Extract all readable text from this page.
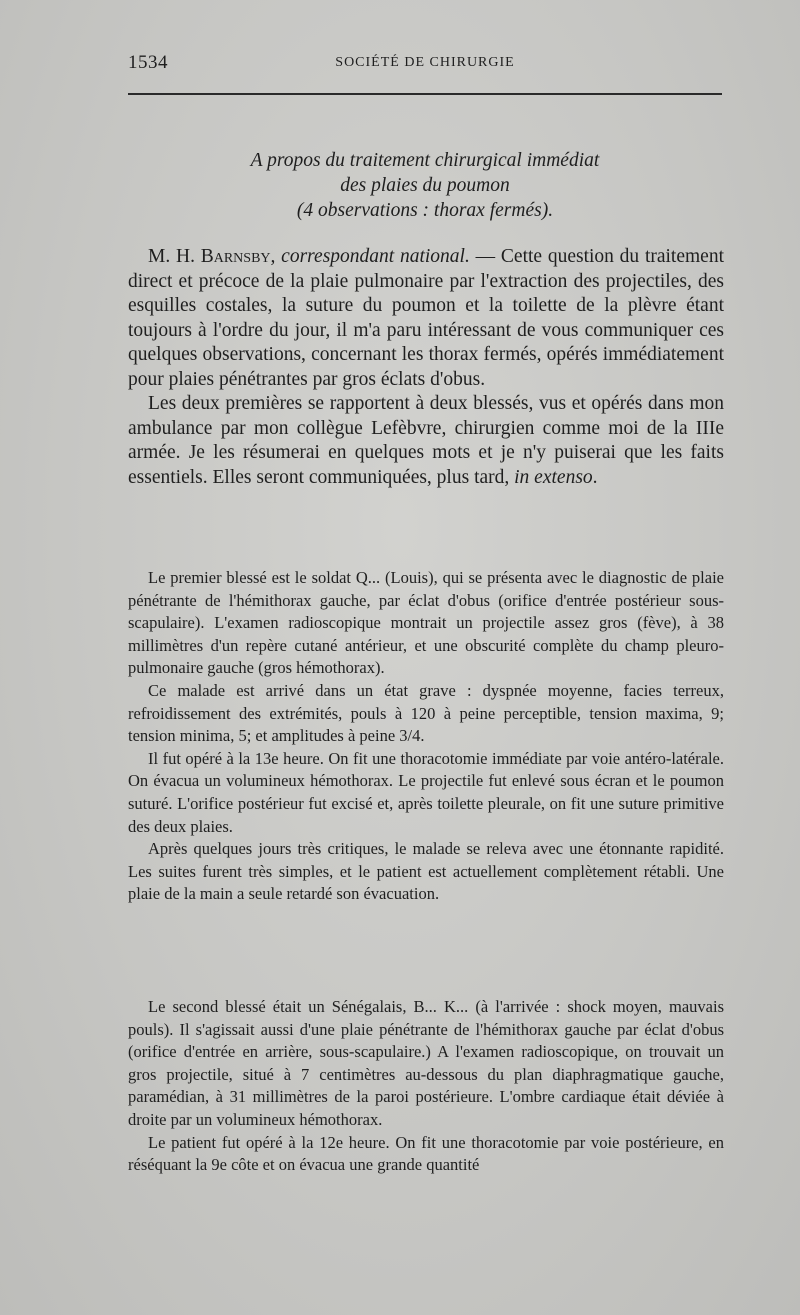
1534	SOCIÉTÉ DE CHIRURGIE
A propos du traitement chirurgical immédiat
des plaies du poumon
(4 observations : thorax fermés).

M. H. Barnsby, correspondant national. — Cette question du traitement direct et précoce de la plaie pulmonaire par l'extraction des projectiles, des esquilles costales, la suture du poumon et la toilette de la plèvre étant toujours à l'ordre du jour, il m'a paru intéressant de vous communiquer ces quelques observations, concernant les thorax fermés, opérés immédiatement pour plaies pénétrantes par gros éclats d'obus.

Les deux premières se rapportent à deux blessés, vus et opérés dans mon ambulance par mon collègue Lefèbvre, chirurgien comme moi de la IIIe armée. Je les résumerai en quelques mots et je n'y puiserai que les faits essentiels. Elles seront communiquées, plus tard, in extenso.

Le premier blessé est le soldat Q... (Louis), qui se présenta avec le diagnostic de plaie pénétrante de l'hémithorax gauche, par éclat d'obus (orifice d'entrée postérieur sous-scapulaire). L'examen radioscopique montrait un projectile assez gros (fève), à 38 millimètres d'un repère cutané antérieur, et une obscurité complète du champ pleuro-pulmonaire gauche (gros hémothorax).

Ce malade est arrivé dans un état grave : dyspnée moyenne, facies terreux, refroidissement des extrémités, pouls à 120 à peine perceptible, tension maxima, 9; tension minima, 5; et amplitudes à peine 3/4.

Il fut opéré à la 13e heure. On fit une thoracotomie immédiate par voie antéro-latérale. On évacua un volumineux hémothorax. Le projectile fut enlevé sous écran et le poumon suturé. L'orifice postérieur fut excisé et, après toilette pleurale, on fit une suture primitive des deux plaies.

Après quelques jours très critiques, le malade se releva avec une étonnante rapidité. Les suites furent très simples, et le patient est actuellement complètement rétabli. Une plaie de la main a seule retardé son évacuation.

Le second blessé était un Sénégalais, B... K... (à l'arrivée : shock moyen, mauvais pouls). Il s'agissait aussi d'une plaie pénétrante de l'hémithorax gauche par éclat d'obus (orifice d'entrée en arrière, sous-scapulaire.) A l'examen radioscopique, on trouvait un gros projectile, situé à 7 centimètres au-dessous du plan diaphragmatique gauche, paramédian, à 31 millimètres de la paroi postérieure. L'ombre cardiaque était déviée à droite par un volumineux hémothorax.

Le patient fut opéré à la 12e heure. On fit une thoracotomie par voie postérieure, en réséquant la 9e côte et on évacua une grande quantité
